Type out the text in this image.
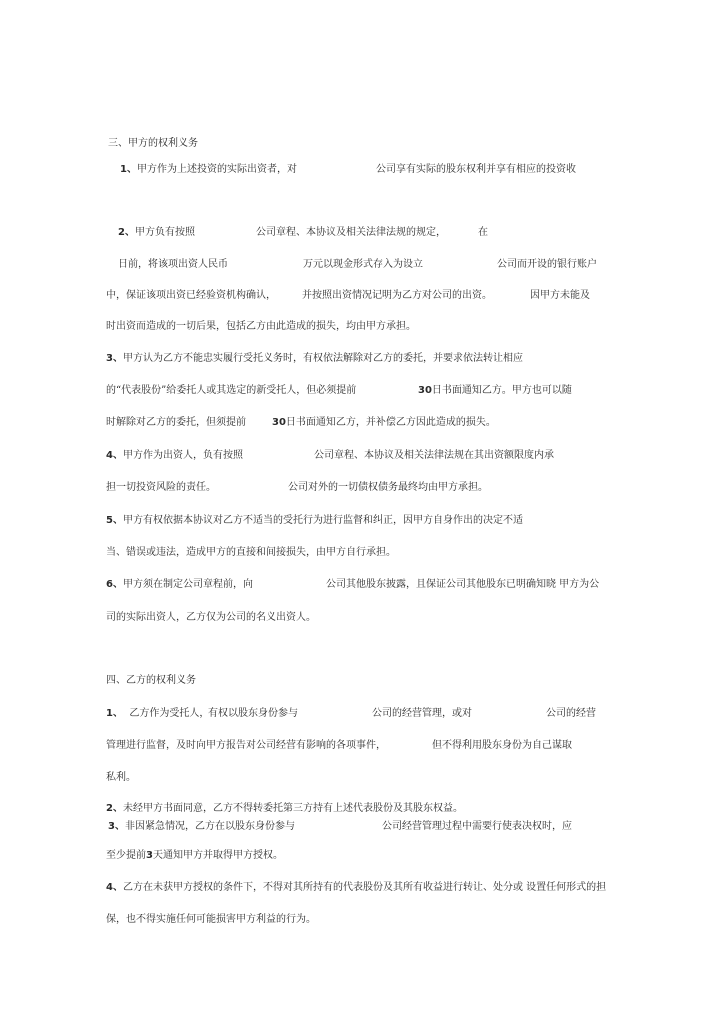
三、甲方的权利义务
1、甲方作为上述投资的实际出资者，对	公司享有实际的股东权利并享有相应的投资收
2、甲方负有按照	公司章程、本协议及相关法律法规的规定，	在
日前，将该项出资人民币	万元以现金形式存入为设立	公司而开设的银行账户
中，保证该项出资已经验资机构确认，	并按照出资情况记明为乙方对公司的出资。	因甲方未能及
时出资而造成的一切后果，包括乙方由此造成的损失，均由甲方承担。
3、甲方认为乙方不能忠实履行受托义务时，有权依法解除对乙方的委托，并要求依法转让相应
的“代表股份”给委托人或其选定的新受托人，但必须提前	30日书面通知乙方。甲方也可以随
时解除对乙方的委托，但须提前	30日书面通知乙方，并补偿乙方因此造成的损失。
4、甲方作为出资人，负有按照	公司章程、本协议及相关法律法规在其出资额限度内承
担一切投资风险的责任。	公司对外的一切债权债务最终均由甲方承担。
5、甲方有权依据本协议对乙方不适当的受托行为进行监督和纠正，因甲方自身作出的决定不适
当、错误或违法，造成甲方的直接和间接损失，由甲方自行承担。
6、甲方须在制定公司章程前，向	公司其他股东披露，且保证公司其他股东已明确知晓 甲方为公
司的实际出资人，乙方仅为公司的名义出资人。
四、乙方的权利义务
1、 乙方作为受托人，
有权以股东身份参与	公司的经营管理，或对	公司的经营
管理进行监督，及时向甲方报告对公司经营有影响的各项事件，	但不得利用股东身份为自己谋取
私利。
2、未经甲方书面同意，乙方不得转委托第三方持有上述代表股份及其股东权益。
3、非因紧急情况，乙方在以股东身份参与	公司经营管理过程中需要行使表决权时，应
至少提前3天通知甲方并取得甲方授权。
4、乙方在未获甲方授权的条件下，不得对其所持有的代表股份及其所有收益进行转让、处分或 设置任何形式的担
保，也不得实施任何可能损害甲方利益的行为。
